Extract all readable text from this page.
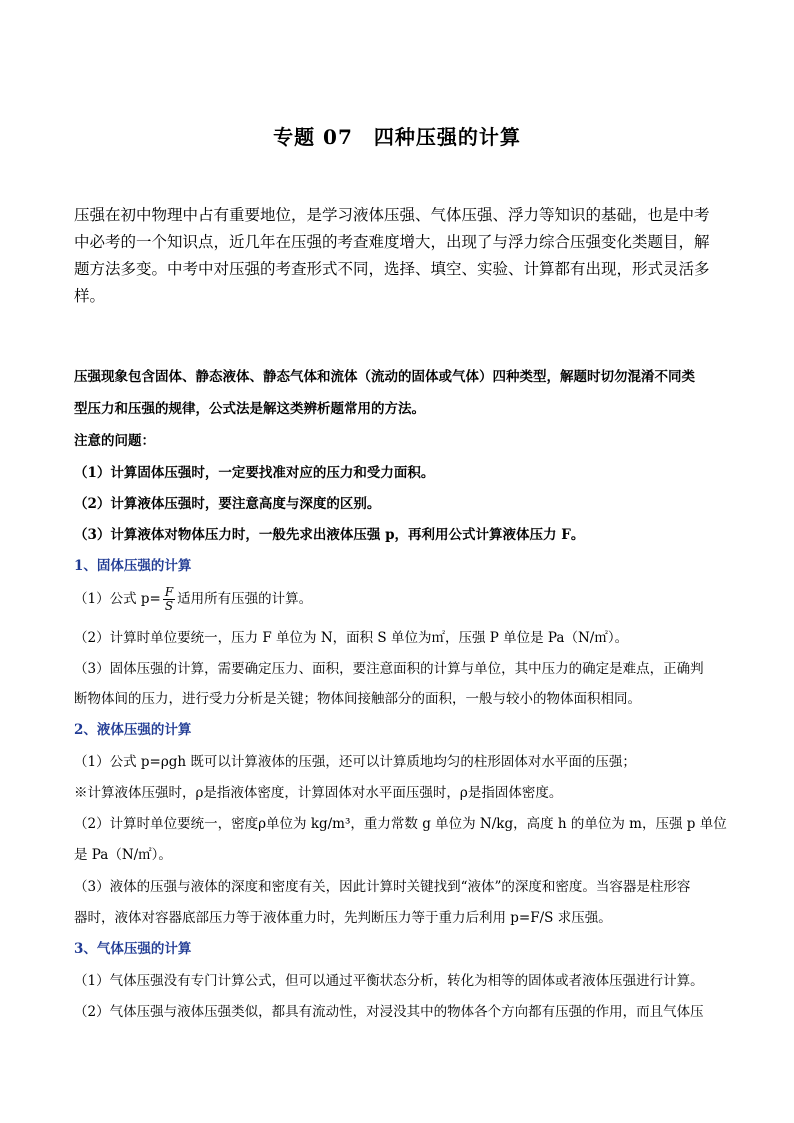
专题 07　四种压强的计算
压强在初中物理中占有重要地位，是学习液体压强、气体压强、浮力等知识的基础，也是中考
中必考的一个知识点，近几年在压强的考查难度增大，出现了与浮力综合压强变化类题目，解
题方法多变。中考中对压强的考查形式不同，选择、填空、实验、计算都有出现，形式灵活多
样。
压强现象包含固体、静态液体、静态气体和流体（流动的固体或气体）四种类型，解题时切勿混淆不同类
型压力和压强的规律，公式法是解这类辨析题常用的方法。
注意的问题：
（1）计算固体压强时，一定要找准对应的压力和受力面积。
（2）计算液体压强时，要注意高度与深度的区别。
（3）计算液体对物体压力时，一般先求出液体压强 p，再利用公式计算液体压力 F。
1、固体压强的计算
（1）公式 $p= \frac{F}{S}$ 适用所有压强的计算。
（2）计算时单位要统一，压力 F 单位为 N，面积 S 单位为㎡，压强 P 单位是 Pa（N/㎡）。
（3）固体压强的计算，需要确定压力、面积，要注意面积的计算与单位，其中压力的确定是难点，正确判
断物体间的压力，进行受力分析是关键；物体间接触部分的面积，一般与较小的物体面积相同。
2、液体压强的计算
（1）公式 p=ρgh 既可以计算液体的压强，还可以计算质地均匀的柱形固体对水平面的压强；
※计算液体压强时，ρ是指液体密度，计算固体对水平面压强时，ρ是指固体密度。
（2）计算时单位要统一，密度ρ单位为 kg/m³，重力常数 g 单位为 N/kg，高度 h 的单位为 m，压强 p 单位
是 Pa（N/㎡）。
（3）液体的压强与液体的深度和密度有关，因此计算时关键找到“液体”的深度和密度。当容器是柱形容
器时，液体对容器底部压力等于液体重力时，先判断压力等于重力后利用 p=F/S 求压强。
3、气体压强的计算
（1）气体压强没有专门计算公式，但可以通过平衡状态分析，转化为相等的固体或者液体压强进行计算。
（2）气体压强与液体压强类似，都具有流动性，对浸没其中的物体各个方向都有压强的作用，而且气体压
